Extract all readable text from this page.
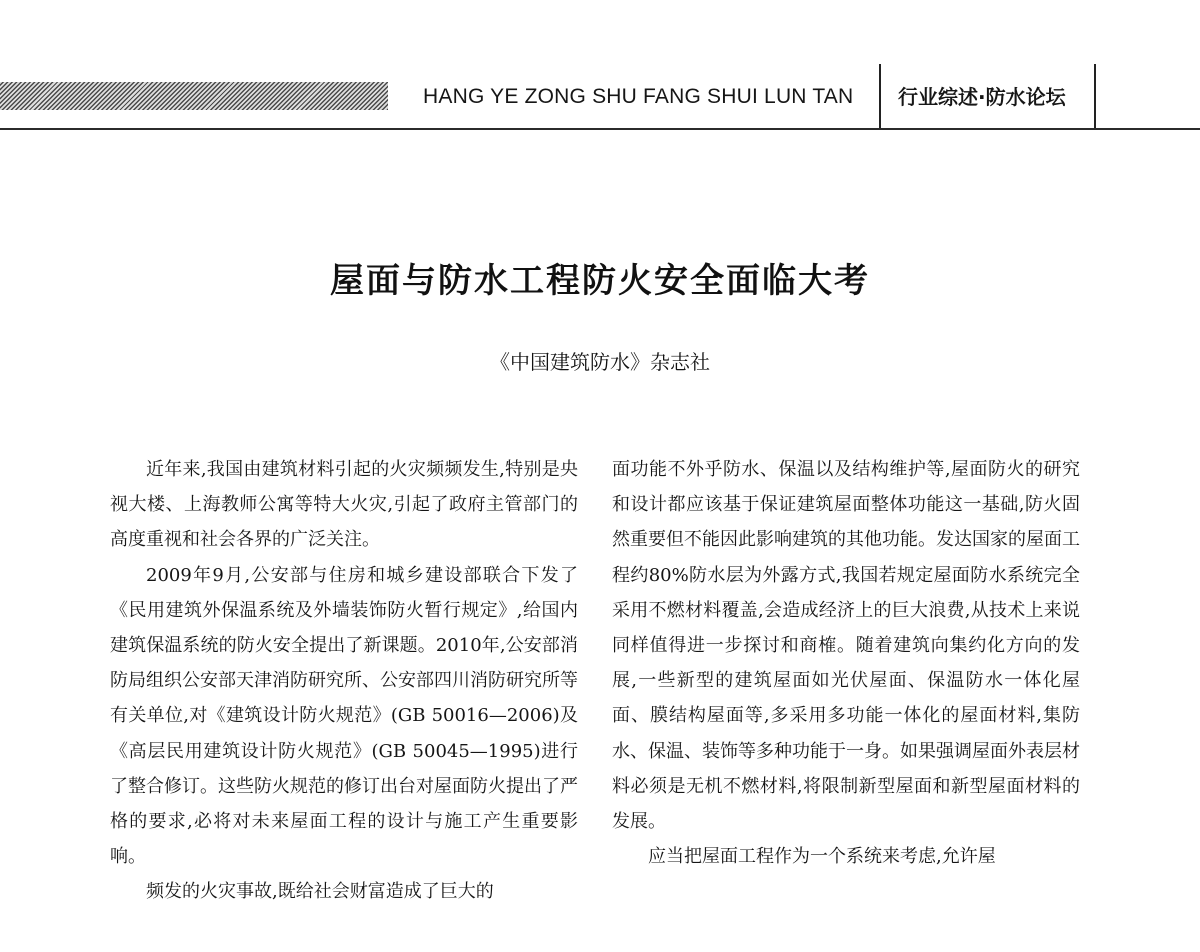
HANG YE ZONG SHU FANG SHUI LUN TAN 行业综述·防水论坛
屋面与防水工程防火安全面临大考
《中国建筑防水》杂志社

近年来,我国由建筑材料引起的火灾频频发生,特别是央视大楼、上海教师公寓等特大火灾,引起了政府主管部门的高度重视和社会各界的广泛关注。

2009年9月,公安部与住房和城乡建设部联合下发了《民用建筑外保温系统及外墙装饰防火暂行规定》,给国内建筑保温系统的防火安全提出了新课题。2010年,公安部消防局组织公安部天津消防研究所、公安部四川消防研究所等有关单位,对《建筑设计防火规范》(GB 50016—2006)及《高层民用建筑设计防火规范》(GB 50045—1995)进行了整合修订。这些防火规范的修订出台对屋面防火提出了严格的要求,必将对未来屋面工程的设计与施工产生重要影响。

频发的火灾事故,既给社会财富造成了巨大的

面功能不外乎防水、保温以及结构维护等,屋面防火的研究和设计都应该基于保证建筑屋面整体功能这一基础,防火固然重要但不能因此影响建筑的其他功能。发达国家的屋面工程约80%防水层为外露方式,我国若规定屋面防水系统完全采用不燃材料覆盖,会造成经济上的巨大浪费,从技术上来说同样值得进一步探讨和商榷。随着建筑向集约化方向的发展,一些新型的建筑屋面如光伏屋面、保温防水一体化屋面、膜结构屋面等,多采用多功能一体化的屋面材料,集防水、保温、装饰等多种功能于一身。如果强调屋面外表层材料必须是无机不燃材料,将限制新型屋面和新型屋面材料的发展。

应当把屋面工程作为一个系统来考虑,允许屋
